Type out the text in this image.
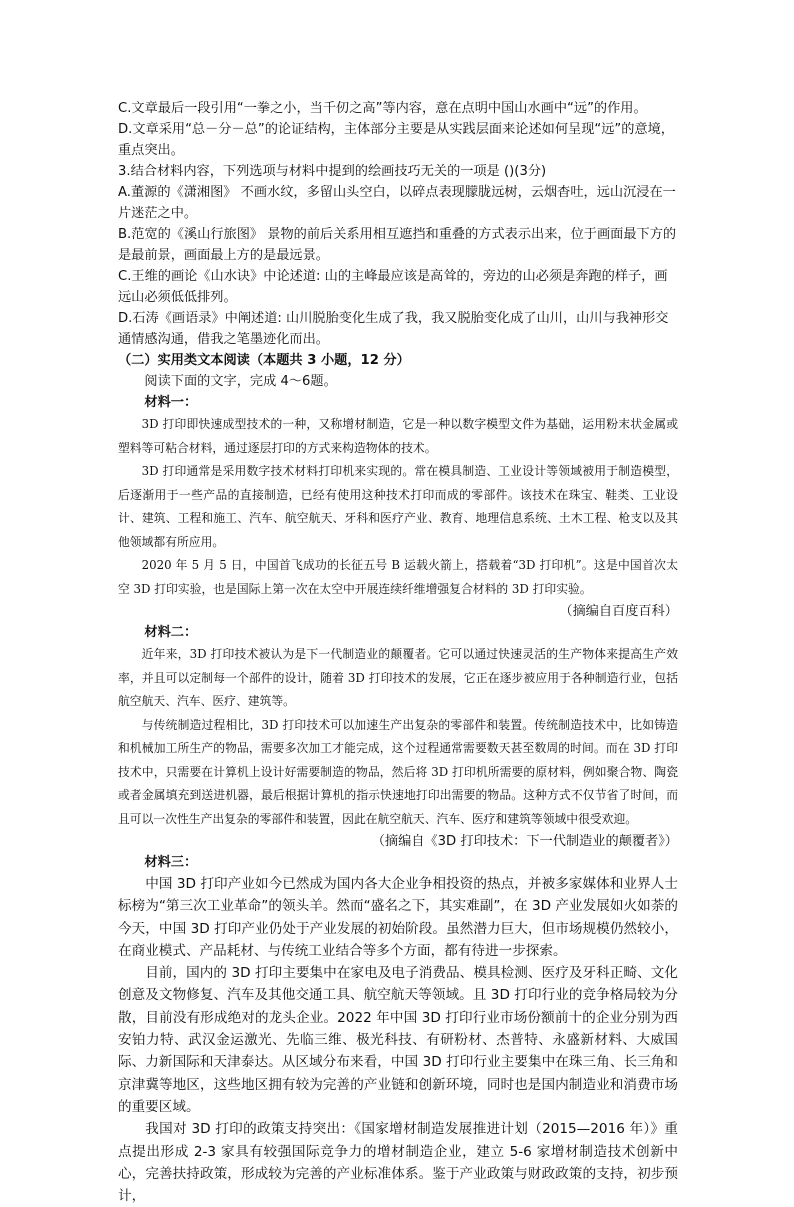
C.文章最后一段引用“一拳之小，当千仞之高”等内容，意在点明中国山水画中“远”的作用。

D.文章采用“总－分－总”的论证结构，主体部分主要是从实践层面来论述如何呈现“远”的意境，重点突出。

3.结合材料内容，下列选项与材料中提到的绘画技巧无关的一项是 ()(3分)

A.董源的《潇湘图》 不画水纹，多留山头空白，以碎点表现朦胧远树，云烟杳吐，远山沉浸在一片迷茫之中。

B.范宽的《溪山行旅图》 景物的前后关系用相互遮挡和重叠的方式表示出来，位于画面最下方的是最前景，画面最上方的是最远景。

C.王维的画论《山水诀》中论述道: 山的主峰最应该是高耸的，旁边的山必须是奔跑的样子，画远山必须低低排列。

D.石涛《画语录》中阐述道: 山川脱胎变化生成了我，我又脱胎变化成了山川，山川与我神形交通情感沟通，借我之笔墨迹化而出。

（二）实用类文本阅读（本题共 3 小题，12 分）

阅读下面的文字，完成 4～6题。

材料一：

3D 打印即快速成型技术的一种，又称增材制造，它是一种以数字模型文件为基础，运用粉末状金属或塑料等可粘合材料，通过逐层打印的方式来构造物体的技术。

3D 打印通常是采用数字技术材料打印机来实现的。常在模具制造、工业设计等领域被用于制造模型，后逐渐用于一些产品的直接制造，已经有使用这种技术打印而成的零部件。该技术在珠宝、鞋类、工业设计、建筑、工程和施工、汽车、航空航天、牙科和医疗产业、教育、地理信息系统、土木工程、枪支以及其他领域都有所应用。

2020 年 5 月 5 日，中国首飞成功的长征五号 B 运载火箭上，搭载着“3D 打印机”。这是中国首次太空 3D 打印实验，也是国际上第一次在太空中开展连续纤维增强复合材料的 3D 打印实验。

（摘编自百度百科）

材料二：

近年来，3D 打印技术被认为是下一代制造业的颠覆者。它可以通过快速灵活的生产物体来提高生产效率，并且可以定制每一个部件的设计，随着 3D 打印技术的发展，它正在逐步被应用于各种制造行业，包括航空航天、汽车、医疗、建筑等。

与传统制造过程相比，3D 打印技术可以加速生产出复杂的零部件和装置。传统制造技术中，比如铸造和机械加工所生产的物品，需要多次加工才能完成，这个过程通常需要数天甚至数周的时间。而在 3D 打印技术中，只需要在计算机上设计好需要制造的物品，然后将 3D 打印机所需要的原材料，例如聚合物、陶瓷或者金属填充到送进机器，最后根据计算机的指示快速地打印出需要的物品。这种方式不仅节省了时间，而且可以一次性生产出复杂的零部件和装置，因此在航空航天、汽车、医疗和建筑等领域中很受欢迎。

（摘编自《3D 打印技术：下一代制造业的颠覆者》）

材料三：

中国 3D 打印产业如今已然成为国内各大企业争相投资的热点，并被多家媒体和业界人士标榜为“第三次工业革命”的领头羊。然而“盛名之下，其实难副”，在 3D 产业发展如火如荼的今天，中国 3D 打印产业仍处于产业发展的初始阶段。虽然潜力巨大，但市场规模仍然较小，在商业模式、产品耗材、与传统工业结合等多个方面，都有待进一步探索。

目前，国内的 3D 打印主要集中在家电及电子消费品、模具检测、医疗及牙科正畸、文化创意及文物修复、汽车及其他交通工具、航空航天等领域。且 3D 打印行业的竞争格局较为分散，目前没有形成绝对的龙头企业。2022 年中国 3D 打印行业市场份额前十的企业分别为西安铂力特、武汉金运激光、先临三维、极光科技、有研粉材、杰普特、永盛新材料、大威国际、力新国际和天津泰达。从区域分布来看，中国 3D 打印行业主要集中在珠三角、长三角和京津冀等地区，这些地区拥有较为完善的产业链和创新环境，同时也是国内制造业和消费市场的重要区域。

我国对 3D 打印的政策支持突出：《国家增材制造发展推进计划（2015—2016 年）》重点提出形成 2-3 家具有较强国际竞争力的增材制造企业，建立 5-6 家增材制造技术创新中心，完善扶持政策，形成较为完善的产业标准体系。鉴于产业政策与财政政策的支持，初步预计，
